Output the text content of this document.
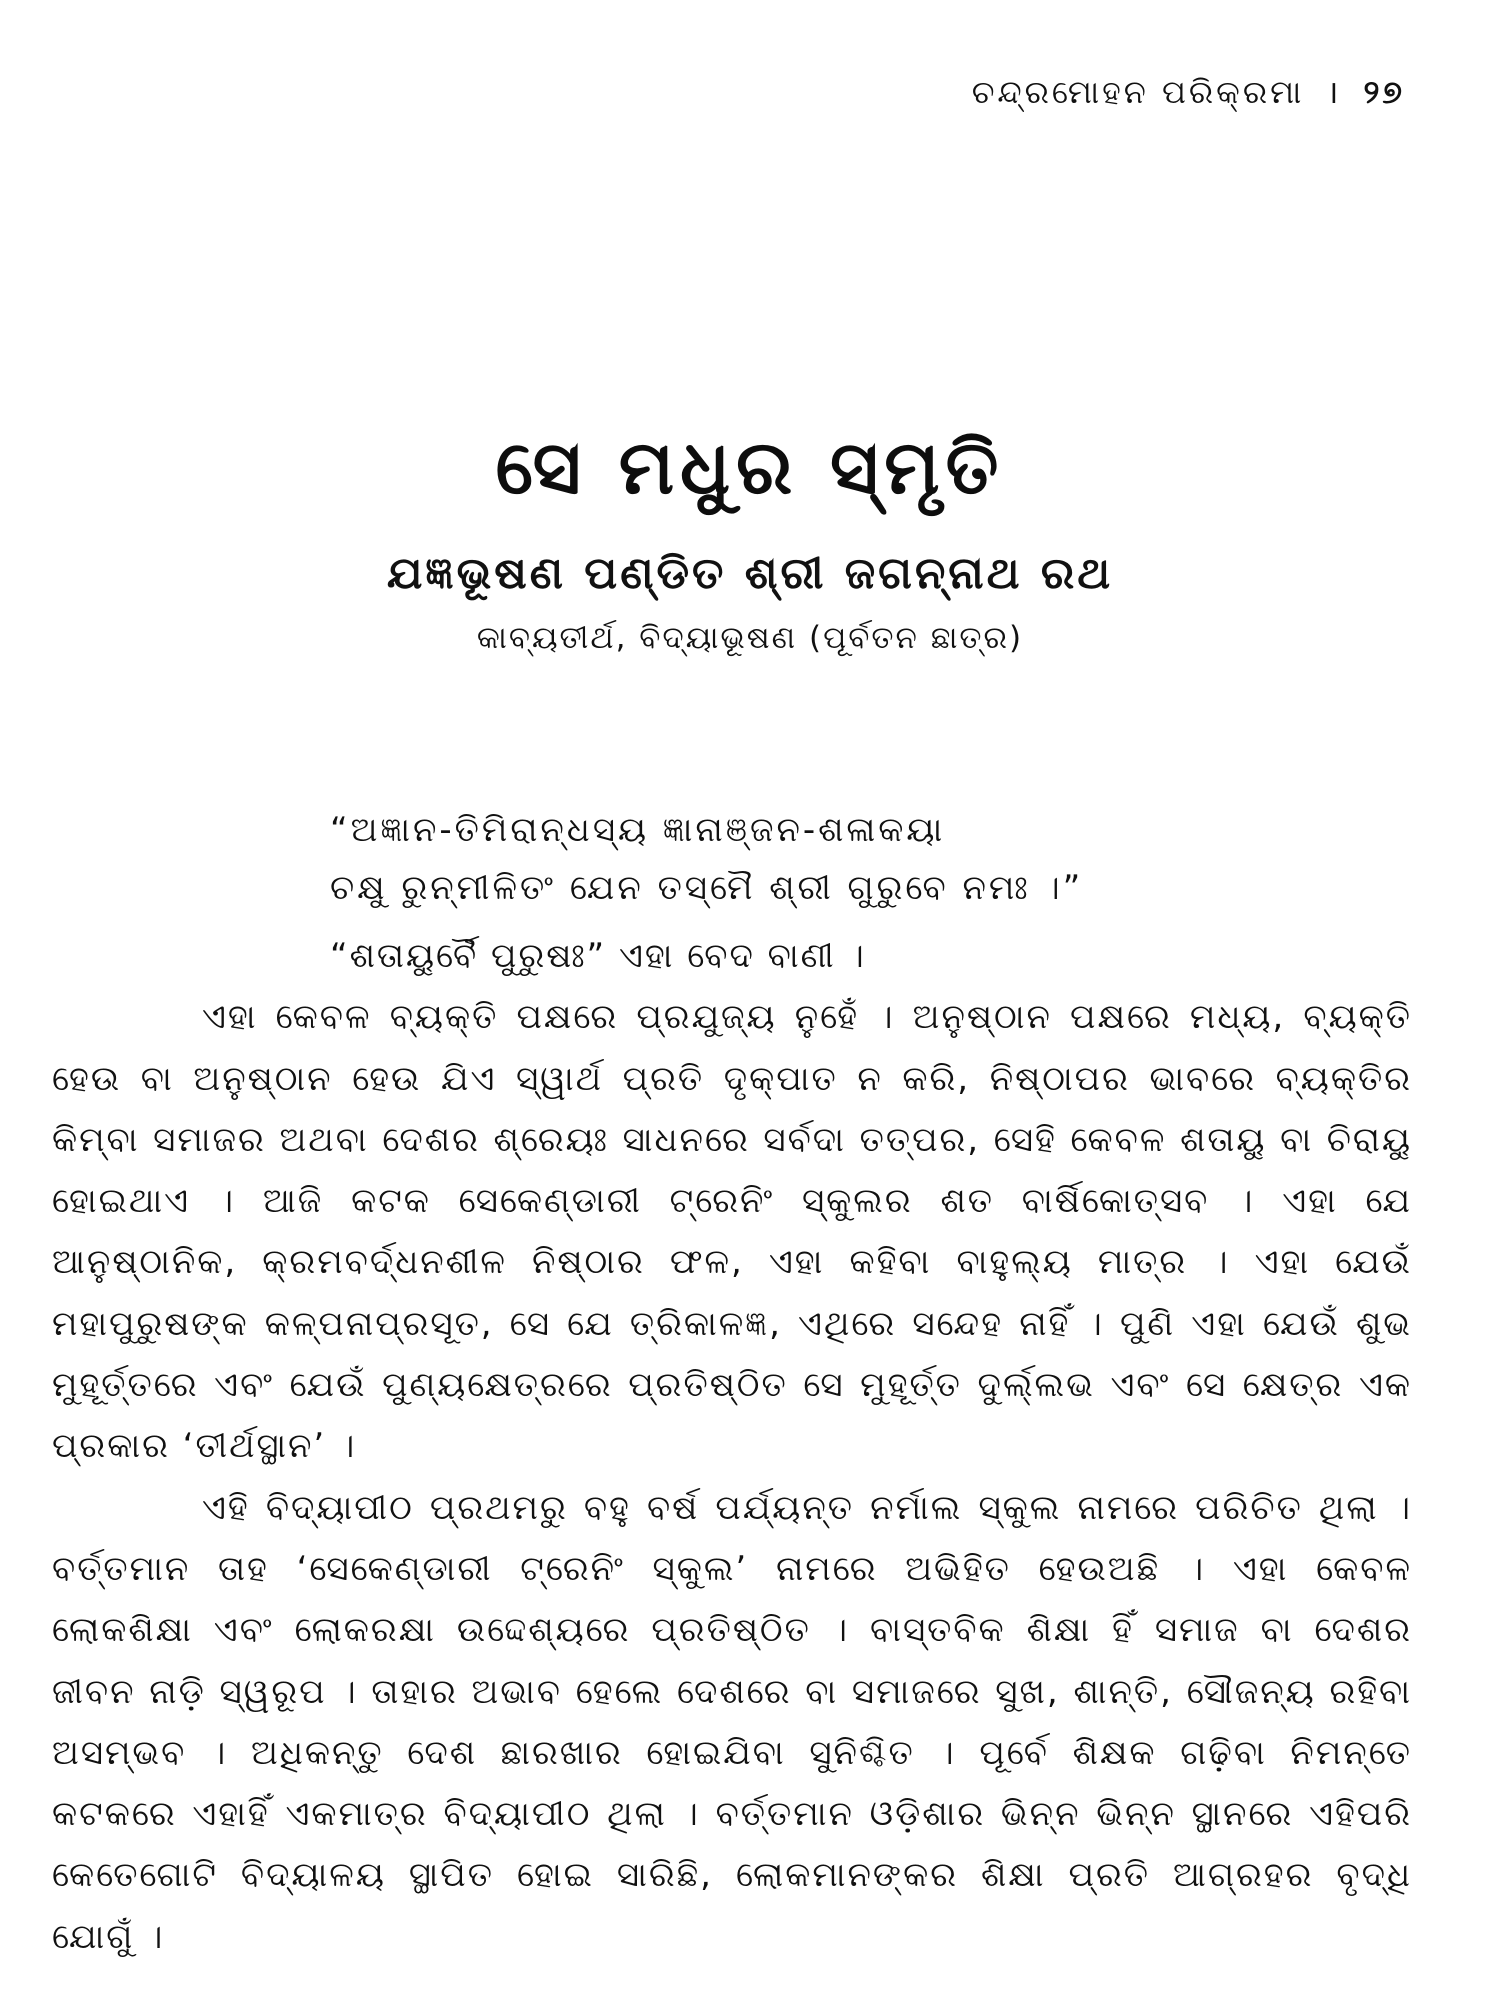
ଚନ୍ଦ୍ରମୋହନ ପରିକ୍ରମା । ୨୭
ସେ ମଧୁର ସ୍ମୃତି
ଯଜ୍ଞଭୂଷଣ ପଣ୍ଡିତ ଶ୍ରୀ ଜଗନ୍ନାଥ ରଥ
କାବ୍ୟତୀର୍ଥ, ବିଦ୍ୟାଭୂଷଣ (ପୂର୍ବତନ ଛାତ୍ର)
“ଅଜ୍ଞାନ-ତିମିରାନ୍ଧସ୍ୟ ଜ୍ଞାନାଞ୍ଜନ-ଶଳାକୟା
ଚକ୍ଷୁ ରୁନ୍ମୀଳିତଂ ଯେନ ତସ୍ମୈ ଶ୍ରୀ ଗୁରୁବେ ନମଃ ।”

“ଶତାୟୁର୍ବୈ ପୁରୁଷଃ” ଏହା ବେଦ ବାଣୀ ।

ଏହା କେବଳ ବ୍ୟକ୍ତି ପକ୍ଷରେ ପ୍ରଯୁଜ୍ୟ ନୁହେଁ । ଅନୁଷ୍ଠାନ ପକ୍ଷରେ ମଧ୍ୟ, ବ୍ୟକ୍ତି ହେଉ ବା ଅନୁଷ୍ଠାନ ହେଉ ଯିଏ ସ୍ୱାର୍ଥ ପ୍ରତି ଦୃକ୍‌ପାତ ନ କରି, ନିଷ୍ଠାପର ଭାବରେ ବ୍ୟକ୍ତିର କିମ୍ବା ସମାଜର ଅଥବା ଦେଶର ଶ୍ରେୟଃ ସାଧନରେ ସର୍ବଦା ତତ୍ପର, ସେହି କେବଳ ଶତାୟୁ ବା ଚିରାୟୁ ହୋଇଥାଏ । ଆଜି କଟକ ସେକେଣ୍ଡାରୀ ଟ୍ରେନିଂ ସ୍କୁଲର ଶତ ବାର୍ଷିକୋତ୍ସବ । ଏହା ଯେ ଆନୁଷ୍ଠାନିକ, କ୍ରମବର୍ଦ୍ଧନଶୀଳ ନିଷ୍ଠାର ଫଳ, ଏହା କହିବା ବାହୁଲ୍ୟ ମାତ୍ର । ଏହା ଯେଉଁ ମହାପୁରୁଷଙ୍କ କଳ୍ପନାପ୍ରସୂତ, ସେ ଯେ ତ୍ରିକାଳଜ୍ଞ, ଏଥିରେ ସନ୍ଦେହ ନାହିଁ । ପୁଣି ଏହା ଯେଉଁ ଶୁଭ ମୁହୂର୍ତ୍ତରେ ଏବଂ ଯେଉଁ ପୁଣ୍ୟକ୍ଷେତ୍ରରେ ପ୍ରତିଷ୍ଠିତ ସେ ମୁହୂର୍ତ୍ତ ଦୁର୍ଲ୍ଲଭ ଏବଂ ସେ କ୍ଷେତ୍ର ଏକ ପ୍ରକାର ‘ତୀର୍ଥସ୍ଥାନ’ ।

ଏହି ବିଦ୍ୟାପୀଠ ପ୍ରଥମରୁ ବହୁ ବର୍ଷ ପର୍ଯ୍ୟନ୍ତ ନର୍ମାଲ ସ୍କୁଲ ନାମରେ ପରିଚିତ ଥିଲା । ବର୍ତ୍ତମାନ ତାହ ‘ସେକେଣ୍ଡାରୀ ଟ୍ରେନିଂ ସ୍କୁଲ’ ନାମରେ ଅଭିହିତ ହେଉଅଛି । ଏହା କେବଳ ଲୋକଶିକ୍ଷା ଏବଂ ଲୋକରକ୍ଷା ଉଦ୍ଦେଶ୍ୟରେ ପ୍ରତିଷ୍ଠିତ । ବାସ୍ତବିକ ଶିକ୍ଷା ହିଁ ସମାଜ ବା ଦେଶର ଜୀବନ ନାଡ଼ି ସ୍ୱରୂପ । ତାହାର ଅଭାବ ହେଲେ ଦେଶରେ ବା ସମାଜରେ ସୁଖ, ଶାନ୍ତି, ସୌଜନ୍ୟ ରହିବା ଅସମ୍ଭବ । ଅଧିକନ୍ତୁ ଦେଶ ଛାରଖାର ହୋଇଯିବା ସୁନିଶ୍ଚିତ । ପୂର୍ବେ ଶିକ୍ଷକ ଗଢ଼ିବା ନିମନ୍ତେ କଟକରେ ଏହାହିଁ ଏକମାତ୍ର ବିଦ୍ୟାପୀଠ ଥିଲା । ବର୍ତ୍ତମାନ ଓଡ଼ିଶାର ଭିନ୍ନ ଭିନ୍ନ ସ୍ଥାନରେ ଏହିପରି କେତେଗୋଟି ବିଦ୍ୟାଳୟ ସ୍ଥାପିତ ହୋଇ ସାରିଛି, ଲୋକମାନଙ୍କର ଶିକ୍ଷା ପ୍ରତି ଆଗ୍ରହର ବୃଦ୍ଧି ଯୋଗୁଁ ।
